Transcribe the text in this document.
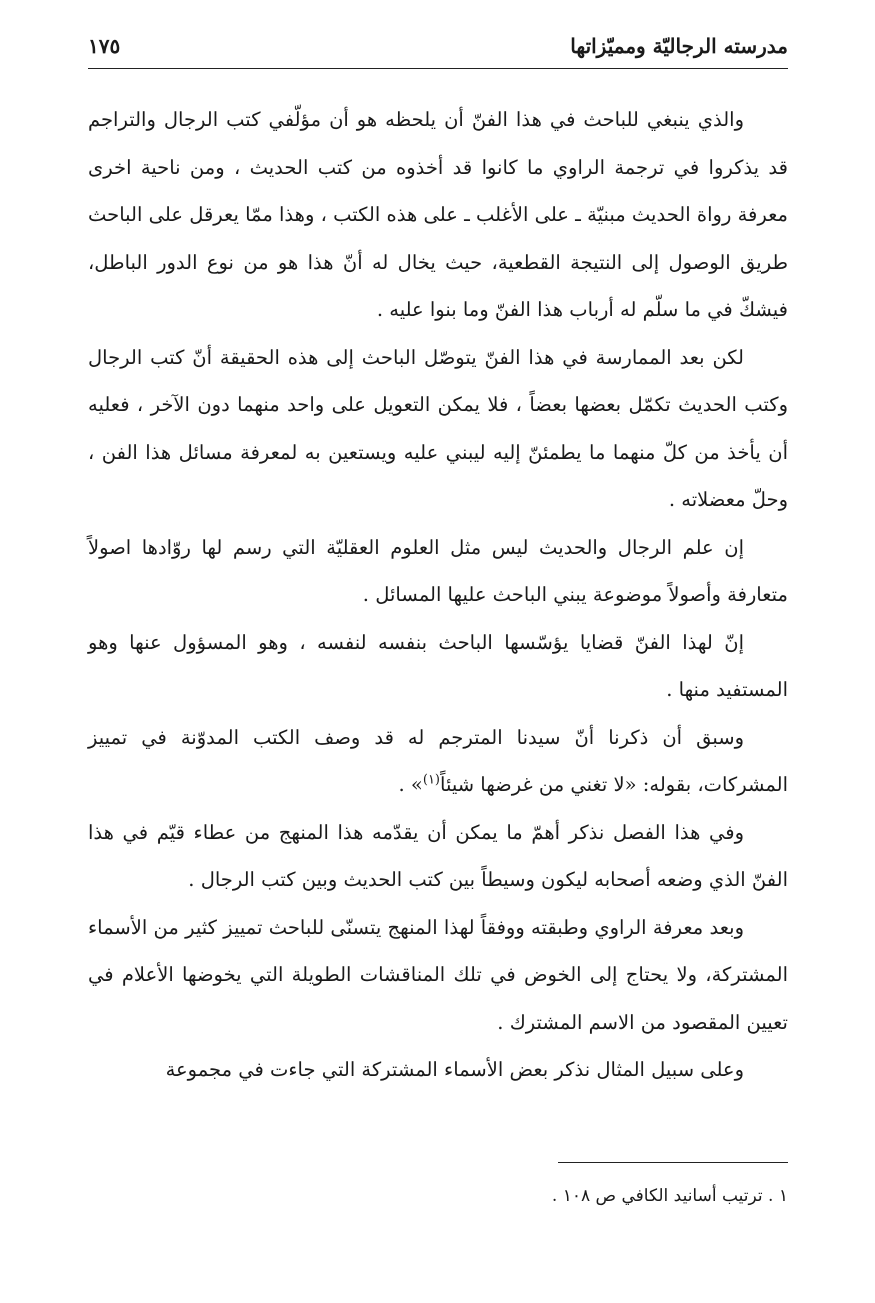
مدرسته الرجاليّة ومميّزاتها
١٧٥

والذي ينبغي للباحث في هذا الفنّ أن يلحظه هو أن مؤلّفي كتب الرجال والتراجم قد يذكروا في ترجمة الراوي ما كانوا قد أخذوه من كتب الحديث ، ومن ناحية اخرى معرفة رواة الحديث مبنيّة ـ على الأغلب ـ على هذه الكتب ، وهذا ممّا يعرقل على الباحث طريق الوصول إلى النتيجة القطعية، حيث يخال له أنّ هذا هو من نوع الدور الباطل، فيشكّ في ما سلّم له أرباب هذا الفنّ وما بنوا عليه .

لكن بعد الممارسة في هذا الفنّ يتوصّل الباحث إلى هذه الحقيقة أنّ كتب الرجال وكتب الحديث تكمّل بعضها بعضاً ، فلا يمكن التعويل على واحد منهما دون الآخر ، فعليه أن يأخذ من كلّ منهما ما يطمئنّ إليه ليبني عليه ويستعين به لمعرفة مسائل هذا الفن ، وحلّ معضلاته .

إن علم الرجال والحديث ليس مثل العلوم العقليّة التي رسم لها روّادها اصولاً متعارفة وأصولاً موضوعة يبني الباحث عليها المسائل .

إنّ لهذا الفنّ قضايا يؤسّسها الباحث بنفسه لنفسه ، وهو المسؤول عنها وهو المستفيد منها .

وسبق أن ذكرنا أنّ سيدنا المترجم له قد وصف الكتب المدوّنة في تمييز المشركات، بقوله: «لا تغني من غرضها شيئاً$^{(١)}$» .

وفي هذا الفصل نذكر أهمّ ما يمكن أن يقدّمه هذا المنهج من عطاء قيّم في هذا الفنّ الذي وضعه أصحابه ليكون وسيطاً بين كتب الحديث وبين كتب الرجال .

وبعد معرفة الراوي وطبقته ووفقاً لهذا المنهج يتسنّى للباحث تمييز كثير من الأسماء المشتركة، ولا يحتاج إلى الخوض في تلك المناقشات الطويلة التي يخوضها الأعلام في تعيين المقصود من الاسم المشترك .

وعلى سبيل المثال نذكر بعض الأسماء المشتركة التي جاءت في مجموعة

١ . ترتيب أسانيد الكافي ص ١٠٨ .
